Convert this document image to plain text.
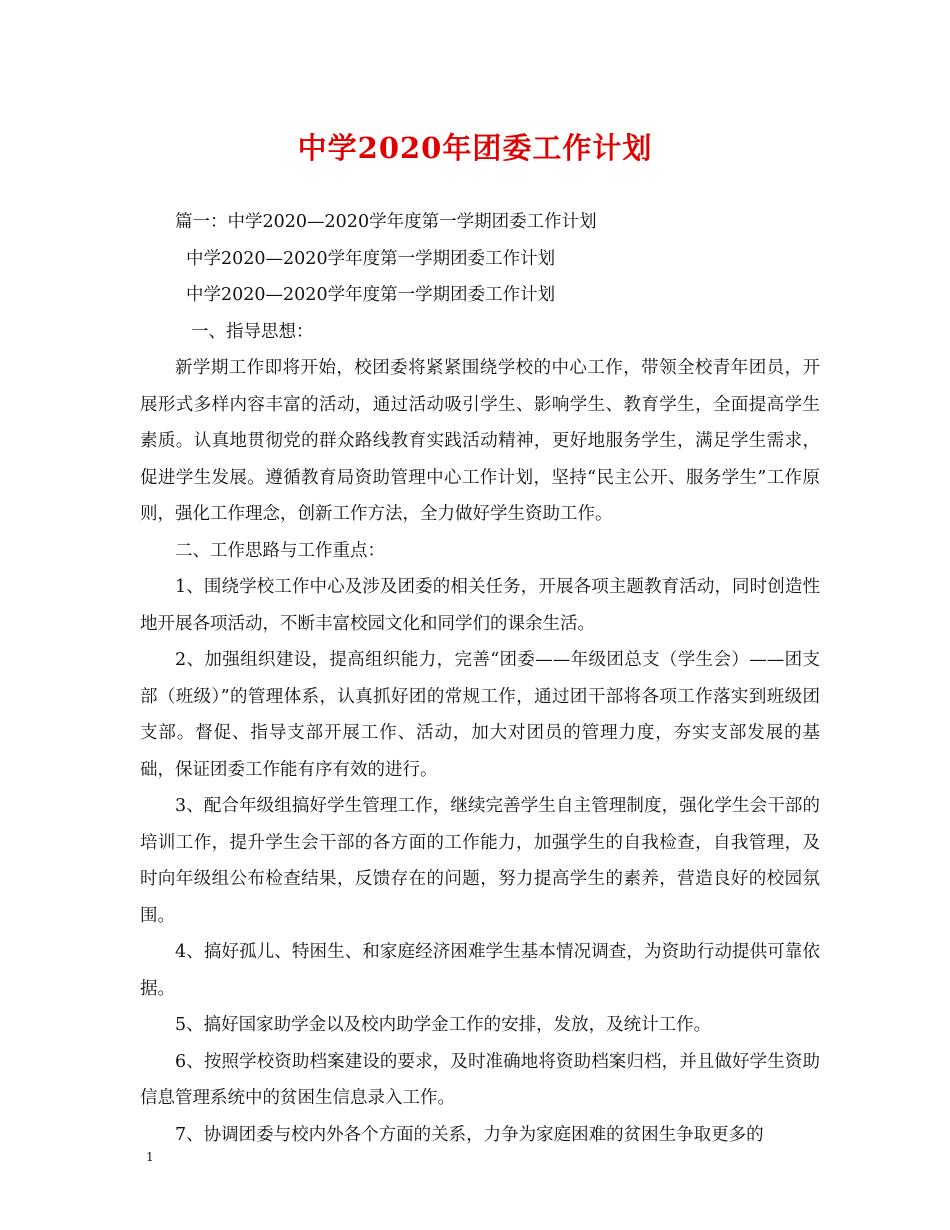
中学2020年团委工作计划

篇一：中学2020—2020学年度第一学期团委工作计划

中学2020—2020学年度第一学期团委工作计划

中学2020—2020学年度第一学期团委工作计划

一、指导思想：

新学期工作即将开始，校团委将紧紧围绕学校的中心工作，带领全校青年团员，开展形式多样内容丰富的活动，通过活动吸引学生、影响学生、教育学生，全面提高学生素质。认真地贯彻党的群众路线教育实践活动精神，更好地服务学生，满足学生需求，促进学生发展。遵循教育局资助管理中心工作计划，坚持“民主公开、服务学生”工作原则，强化工作理念，创新工作方法，全力做好学生资助工作。

二、工作思路与工作重点：

1、围绕学校工作中心及涉及团委的相关任务，开展各项主题教育活动，同时创造性地开展各项活动，不断丰富校园文化和同学们的课余生活。

2、加强组织建设，提高组织能力，完善“团委——年级团总支（学生会）——团支部（班级）”的管理体系，认真抓好团的常规工作，通过团干部将各项工作落实到班级团支部。督促、指导支部开展工作、活动，加大对团员的管理力度，夯实支部发展的基础，保证团委工作能有序有效的进行。

3、配合年级组搞好学生管理工作，继续完善学生自主管理制度，强化学生会干部的培训工作，提升学生会干部的各方面的工作能力，加强学生的自我检查，自我管理，及时向年级组公布检查结果，反馈存在的问题，努力提高学生的素养，营造良好的校园氛围。

4、搞好孤儿、特困生、和家庭经济困难学生基本情况调查，为资助行动提供可靠依据。

5、搞好国家助学金以及校内助学金工作的安排，发放，及统计工作。

6、按照学校资助档案建设的要求，及时准确地将资助档案归档，并且做好学生资助信息管理系统中的贫困生信息录入工作。

7、协调团委与校内外各个方面的关系，力争为家庭困难的贫困生争取更多的

1
